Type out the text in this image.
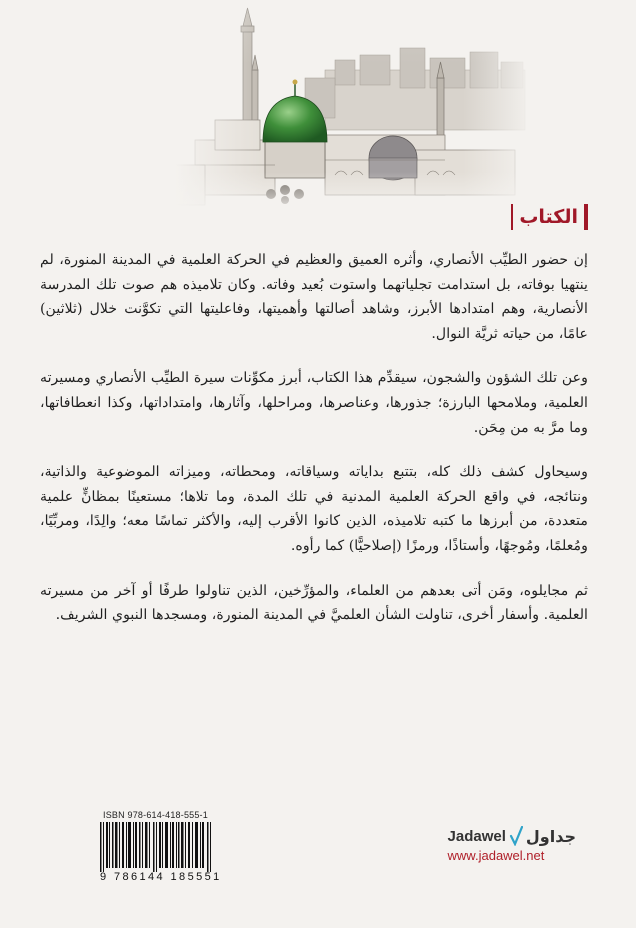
الكتاب

إن حضور الطيِّب الأنصاري، وأثره العميق والعظيم في الحركة العلمية في المدينة المنورة، لم ينتهيا بوفاته، بل استدامت تجلياتهما واستوت بُعيد وفاته. وكان تلاميذه هم صوت تلك المدرسة الأنصارية، وهم امتدادها الأبرز، وشاهد أصالتها وأهميتها، وفاعليتها التي تكوَّنت خلال (ثلاثين) عامًا، من حياته ثريَّة النوال.

وعن تلك الشؤون والشجون، سيقدِّم هذا الكتاب، أبرز مكوِّنات سيرة الطيِّب الأنصاري ومسيرته العلمية، وملامحها البارزة؛ جذورها، وعناصرها، ومراحلها، وآثارها، وامتداداتها، وكذا انعطافاتها، وما مرَّ به من مِحَن.

وسيحاول كشف ذلك كله، بتتبع بداياته وسياقاته، ومحطاته، وميزاته الموضوعية والذاتية، ونتائجه، في واقع الحركة العلمية المدنية في تلك المدة، وما تلاها؛ مستعينًا بمظانٍّ علمية متعددة، من أبرزها ما كتبه تلاميذه، الذين كانوا الأقرب إليه، والأكثر تماسًا معه؛ والِدًا، ومربِّيًا، ومُعلمًا، ومُوجهًا، وأستاذًا، ورمزًا (إصلاحيًّا) كما رأوه.

ثم مجايلوه، ومَن أتى بعدهم من العلماء، والمؤرِّخين، الذين تناولوا طرفًا أو آخر من مسيرته العلمية. وأسفار أخرى، تناولت الشأن العلميَّ في المدينة المنورة، ومسجدها النبوي الشريف.

ISBN 978-614-418-555-1
9 786144 185551
Jadawel جداول
www.jadawel.net
